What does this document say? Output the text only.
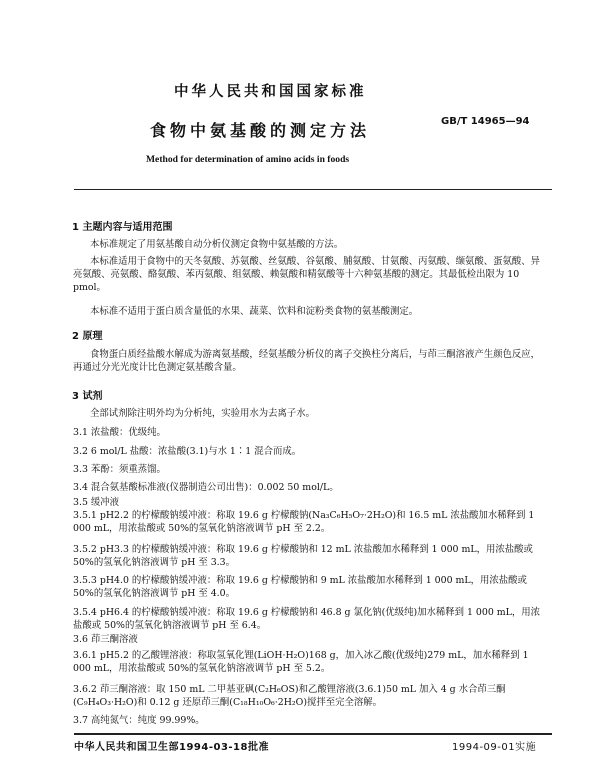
中华人民共和国国家标准
食物中氨基酸的测定方法	GB/T 14965—94
Method for determination of amino acids in foods
1 主题内容与适用范围
本标准规定了用氨基酸自动分析仪测定食物中氨基酸的方法。
本标准适用于食物中的天冬氨酸、苏氨酸、丝氨酸、谷氨酸、脯氨酸、甘氨酸、丙氨酸、缬氨酸、蛋氨酸、异亮氨酸、亮氨酸、酪氨酸、苯丙氨酸、组氨酸、赖氨酸和精氨酸等十六种氨基酸的测定。其最低检出限为 10 pmol。
本标准不适用于蛋白质含量低的水果、蔬菜、饮料和淀粉类食物的氨基酸测定。
2 原理
食物蛋白质经盐酸水解成为游离氨基酸，经氨基酸分析仪的离子交换柱分离后，与茚三酮溶液产生颜色反应，再通过分光光度计比色测定氨基酸含量。
3 试剂
全部试剂除注明外均为分析纯，实验用水为去离子水。
3.1 浓盐酸：优级纯。
3.2 6 mol/L 盐酸：浓盐酸(3.1)与水 1∶1 混合而成。
3.3 苯酚：须重蒸馏。
3.4 混合氨基酸标准液(仪器制造公司出售)：0.002 50 mol/L。
3.5 缓冲液
3.5.1 pH2.2 的柠檬酸钠缓冲液：称取 19.6 g 柠檬酸钠(Na₃C₆H₅O₇·2H₂O)和 16.5 mL 浓盐酸加水稀释到 1 000 mL，用浓盐酸或 50%的氢氧化钠溶液调节 pH 至 2.2。
3.5.2 pH3.3 的柠檬酸钠缓冲液：称取 19.6 g 柠檬酸钠和 12 mL 浓盐酸加水稀释到 1 000 mL，用浓盐酸或 50%的氢氧化钠溶液调节 pH 至 3.3。
3.5.3 pH4.0 的柠檬酸钠缓冲液：称取 19.6 g 柠檬酸钠和 9 mL 浓盐酸加水稀释到 1 000 mL，用浓盐酸或 50%的氢氧化钠溶液调节 pH 至 4.0。
3.5.4 pH6.4 的柠檬酸钠缓冲液：称取 19.6 g 柠檬酸钠和 46.8 g 氯化钠(优级纯)加水稀释到 1 000 mL，用浓盐酸或 50%的氢氧化钠溶液调节 pH 至 6.4。
3.6 茚三酮溶液
3.6.1 pH5.2 的乙酸锂溶液：称取氢氧化锂(LiOH·H₂O)168 g，加入冰乙酸(优级纯)279 mL，加水稀释到 1 000 mL，用浓盐酸或 50%的氢氧化钠溶液调节 pH 至 5.2。
3.6.2 茚三酮溶液：取 150 mL 二甲基亚砜(C₂H₆OS)和乙酸锂溶液(3.6.1)50 mL 加入 4 g 水合茚三酮(C₉H₄O₃·H₂O)和 0.12 g 还原茚三酮(C₁₈H₁₀O₆·2H₂O)搅拌至完全溶解。
3.7 高纯氮气：纯度 99.99%。
中华人民共和国卫生部1994-03-18批准	1994-09-01实施
